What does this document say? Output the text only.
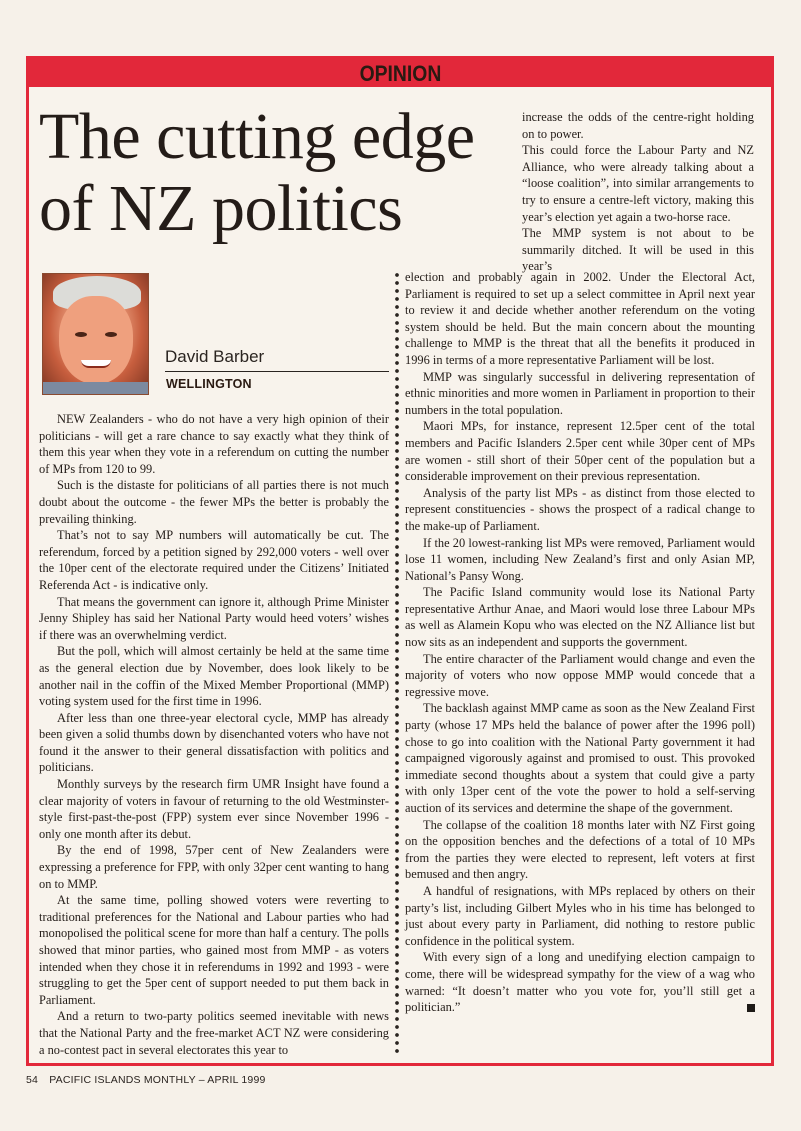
OPINION
The cutting edge of NZ politics
David Barber
WELLINGTON

increase the odds of the centre-right holding on to power.

This could force the Labour Party and NZ Alliance, who were already talking about a “loose coalition”, into similar arrangements to try to ensure a centre-left victory, making this year’s election yet again a two-horse race.

The MMP system is not about to be summarily ditched. It will be used in this year’s

NEW Zealanders - who do not have a very high opinion of their politicians - will get a rare chance to say exactly what they think of them this year when they vote in a referendum on cutting the number of MPs from 120 to 99.

Such is the distaste for politicians of all parties there is not much doubt about the outcome - the fewer MPs the better is probably the prevailing thinking.

That’s not to say MP numbers will automatically be cut. The referendum, forced by a petition signed by 292,000 voters - well over the 10per cent of the electorate required under the Citizens’ Initiated Referenda Act - is indicative only.

That means the government can ignore it, although Prime Minister Jenny Shipley has said her National Party would heed voters’ wishes if there was an overwhelming verdict.

But the poll, which will almost certainly be held at the same time as the general election due by November, does look likely to be another nail in the coffin of the Mixed Member Proportional (MMP) voting system used for the first time in 1996.

After less than one three-year electoral cycle, MMP has already been given a solid thumbs down by disenchanted voters who have not found it the answer to their general dissatisfaction with politics and politicians.

Monthly surveys by the research firm UMR Insight have found a clear majority of voters in favour of returning to the old Westminster-style first-past-the-post (FPP) system ever since November 1996 - only one month after its debut.

By the end of 1998, 57per cent of New Zealanders were expressing a preference for FPP, with only 32per cent wanting to hang on to MMP.

At the same time, polling showed voters were reverting to traditional preferences for the National and Labour parties who had monopolised the political scene for more than half a century. The polls showed that minor parties, who gained most from MMP - as voters intended when they chose it in referendums in 1992 and 1993 - were struggling to get the 5per cent of support needed to put them back in Parliament.

And a return to two-party politics seemed inevitable with news that the National Party and the free-market ACT NZ were considering a no-contest pact in several electorates this year to

election and probably again in 2002. Under the Electoral Act, Parliament is required to set up a select committee in April next year to review it and decide whether another referendum on the voting system should be held. But the main concern about the mounting challenge to MMP is the threat that all the benefits it produced in 1996 in terms of a more representative Parliament will be lost.

MMP was singularly successful in delivering representation of ethnic minorities and more women in Parliament in proportion to their numbers in the total population.

Maori MPs, for instance, represent 12.5per cent of the total members and Pacific Islanders 2.5per cent while 30per cent of MPs are women - still short of their 50per cent of the population but a considerable improvement on their previous representation.

Analysis of the party list MPs - as distinct from those elected to represent constituencies - shows the prospect of a radical change to the make-up of Parliament.

If the 20 lowest-ranking list MPs were removed, Parliament would lose 11 women, including New Zealand’s first and only Asian MP, National’s Pansy Wong.

The Pacific Island community would lose its National Party representative Arthur Anae, and Maori would lose three Labour MPs as well as Alamein Kopu who was elected on the NZ Alliance list but now sits as an independent and supports the government.

The entire character of the Parliament would change and even the majority of voters who now oppose MMP would concede that a regressive move.

The backlash against MMP came as soon as the New Zealand First party (whose 17 MPs held the balance of power after the 1996 poll) chose to go into coalition with the National Party government it had campaigned vigorously against and promised to oust. This provoked immediate second thoughts about a system that could give a party with only 13per cent of the vote the power to hold a self-serving auction of its services and determine the shape of the government.

The collapse of the coalition 18 months later with NZ First going on the opposition benches and the defections of a total of 10 MPs from the parties they were elected to represent, left voters at first bemused and then angry.

A handful of resignations, with MPs replaced by others on their party’s list, including Gilbert Myles who in his time has belonged to just about every party in Parliament, did nothing to restore public confidence in the political system.

With every sign of a long and unedifying election campaign to come, there will be widespread sympathy for the view of a wag who warned: “It doesn’t matter who you vote for, you’ll still get a politician.”

54 PACIFIC ISLANDS MONTHLY – APRIL 1999
